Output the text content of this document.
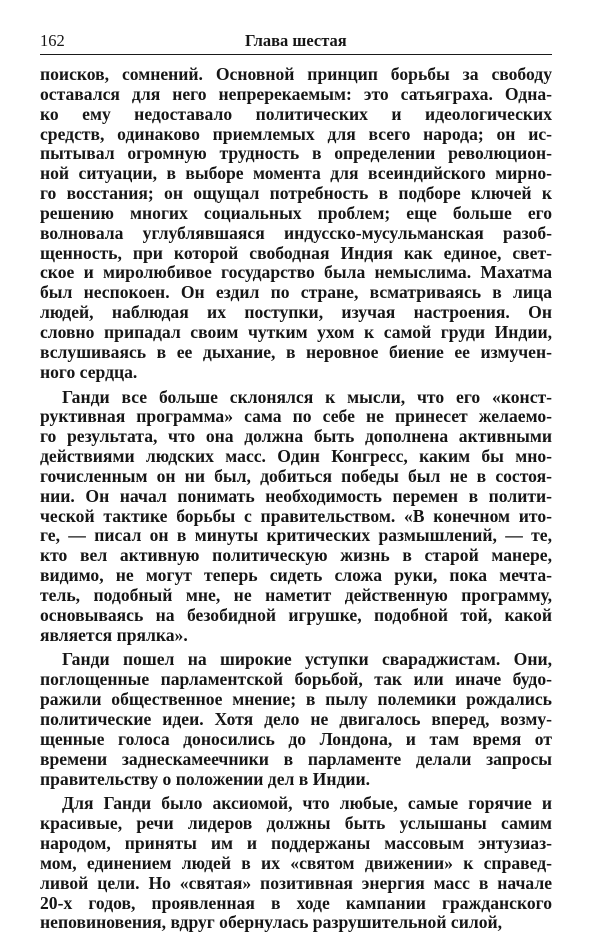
162	Глава шестая
поисков, сомнений. Основной принцип борьбы за свободу
оставался для него непререкаемым: это сатьяграха. Одна-
ко ему недоставало политических и идеологических
средств, одинаково приемлемых для всего народа; он ис-
пытывал огромную трудность в определении революцион-
ной ситуации, в выборе момента для всеиндийского мирно-
го восстания; он ощущал потребность в подборе ключей к
решению многих социальных проблем; еще больше его
волновала углублявшаяся индусско-мусульманская разоб-
щенность, при которой свободная Индия как единое, свет-
ское и миролюбивое государство была немыслима. Махатма
был неспокоен. Он ездил по стране, всматриваясь в лица
людей, наблюдая их поступки, изучая настроения. Он
словно припадал своим чутким ухом к самой груди Индии,
вслушиваясь в ее дыхание, в неровное биение ее измучен-
ного сердца.
Ганди все больше склонялся к мысли, что его «конст-
руктивная программа» сама по себе не принесет желаемо-
го результата, что она должна быть дополнена активными
действиями людских масс. Один Конгресс, каким бы мно-
гочисленным он ни был, добиться победы был не в состоя-
нии. Он начал понимать необходимость перемен в полити-
ческой тактике борьбы с правительством. «В конечном ито-
ге, — писал он в минуты критических размышлений, — те,
кто вел активную политическую жизнь в старой манере,
видимо, не могут теперь сидеть сложа руки, пока мечта-
тель, подобный мне, не наметит действенную программу,
основываясь на безобидной игрушке, подобной той, какой
является прялка».
Ганди пошел на широкие уступки свараджистам. Они,
поглощенные парламентской борьбой, так или иначе будо-
ражили общественное мнение; в пылу полемики рождались
политические идеи. Хотя дело не двигалось вперед, возму-
щенные голоса доносились до Лондона, и там время от
времени заднескамеечники в парламенте делали запросы
правительству о положении дел в Индии.
Для Ганди было аксиомой, что любые, самые горячие и
красивые, речи лидеров должны быть услышаны самим
народом, приняты им и поддержаны массовым энтузиаз-
мом, единением людей в их «святом движении» к справед-
ливой цели. Но «святая» позитивная энергия масс в начале
20-х годов, проявленная в ходе кампании гражданского
неповиновения, вдруг обернулась разрушительной силой,
